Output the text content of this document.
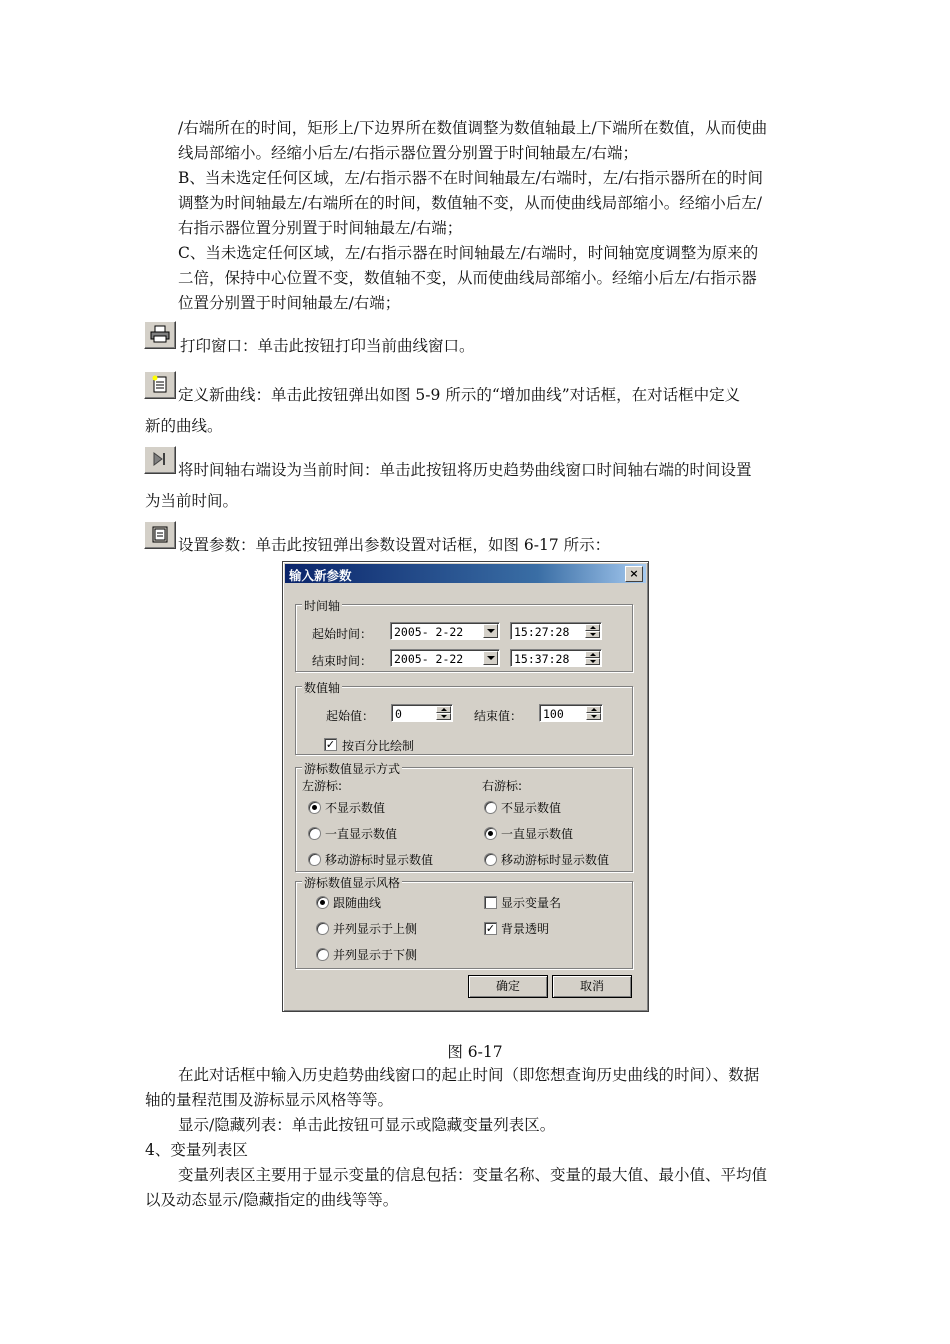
/右端所在的时间，矩形上/下边界所在数值调整为数值轴最上/下端所在数值，从而使曲
线局部缩小。经缩小后左/右指示器位置分别置于时间轴最左/右端；
B、当未选定任何区域，左/右指示器不在时间轴最左/右端时，左/右指示器所在的时间
调整为时间轴最左/右端所在的时间，数值轴不变，从而使曲线局部缩小。经缩小后左/
右指示器位置分别置于时间轴最左/右端；
C、当未选定任何区域，左/右指示器在时间轴最左/右端时，时间轴宽度调整为原来的
二倍，保持中心位置不变，数值轴不变，从而使曲线局部缩小。经缩小后左/右指示器
位置分别置于时间轴最左/右端；
打印窗口：单击此按钮打印当前曲线窗口。
定义新曲线：单击此按钮弹出如图 5-9 所示的“增加曲线”对话框，在对话框中定义
新的曲线。
将时间轴右端设为当前时间：单击此按钮将历史趋势曲线窗口时间轴右端的时间设置
为当前时间。
设置参数：单击此按钮弹出参数设置对话框，如图 6-17 所示：
输入新参数	×
时间轴
起始时间：	2005- 2-22	15:27:28
结束时间：	2005- 2-22	15:37:28
数值轴
起始值：	0	结束值：	100
✓ 按百分比绘制
游标数值显示方式
左游标:	右游标:
不显示数值
一直显示数值
移动游标时显示数值
不显示数值
一直显示数值
移动游标时显示数值
游标数值显示风格
跟随曲线
并列显示于上侧
并列显示于下侧
显示变量名
✓ 背景透明
确定	取消
图 6-17
在此对话框中输入历史趋势曲线窗口的起止时间（即您想查询历史曲线的时间）、数据
轴的量程范围及游标显示风格等等。
显示/隐藏列表：单击此按钮可显示或隐藏变量列表区。
4、变量列表区
变量列表区主要用于显示变量的信息包括：变量名称、变量的最大值、最小值、平均值
以及动态显示/隐藏指定的曲线等等。
